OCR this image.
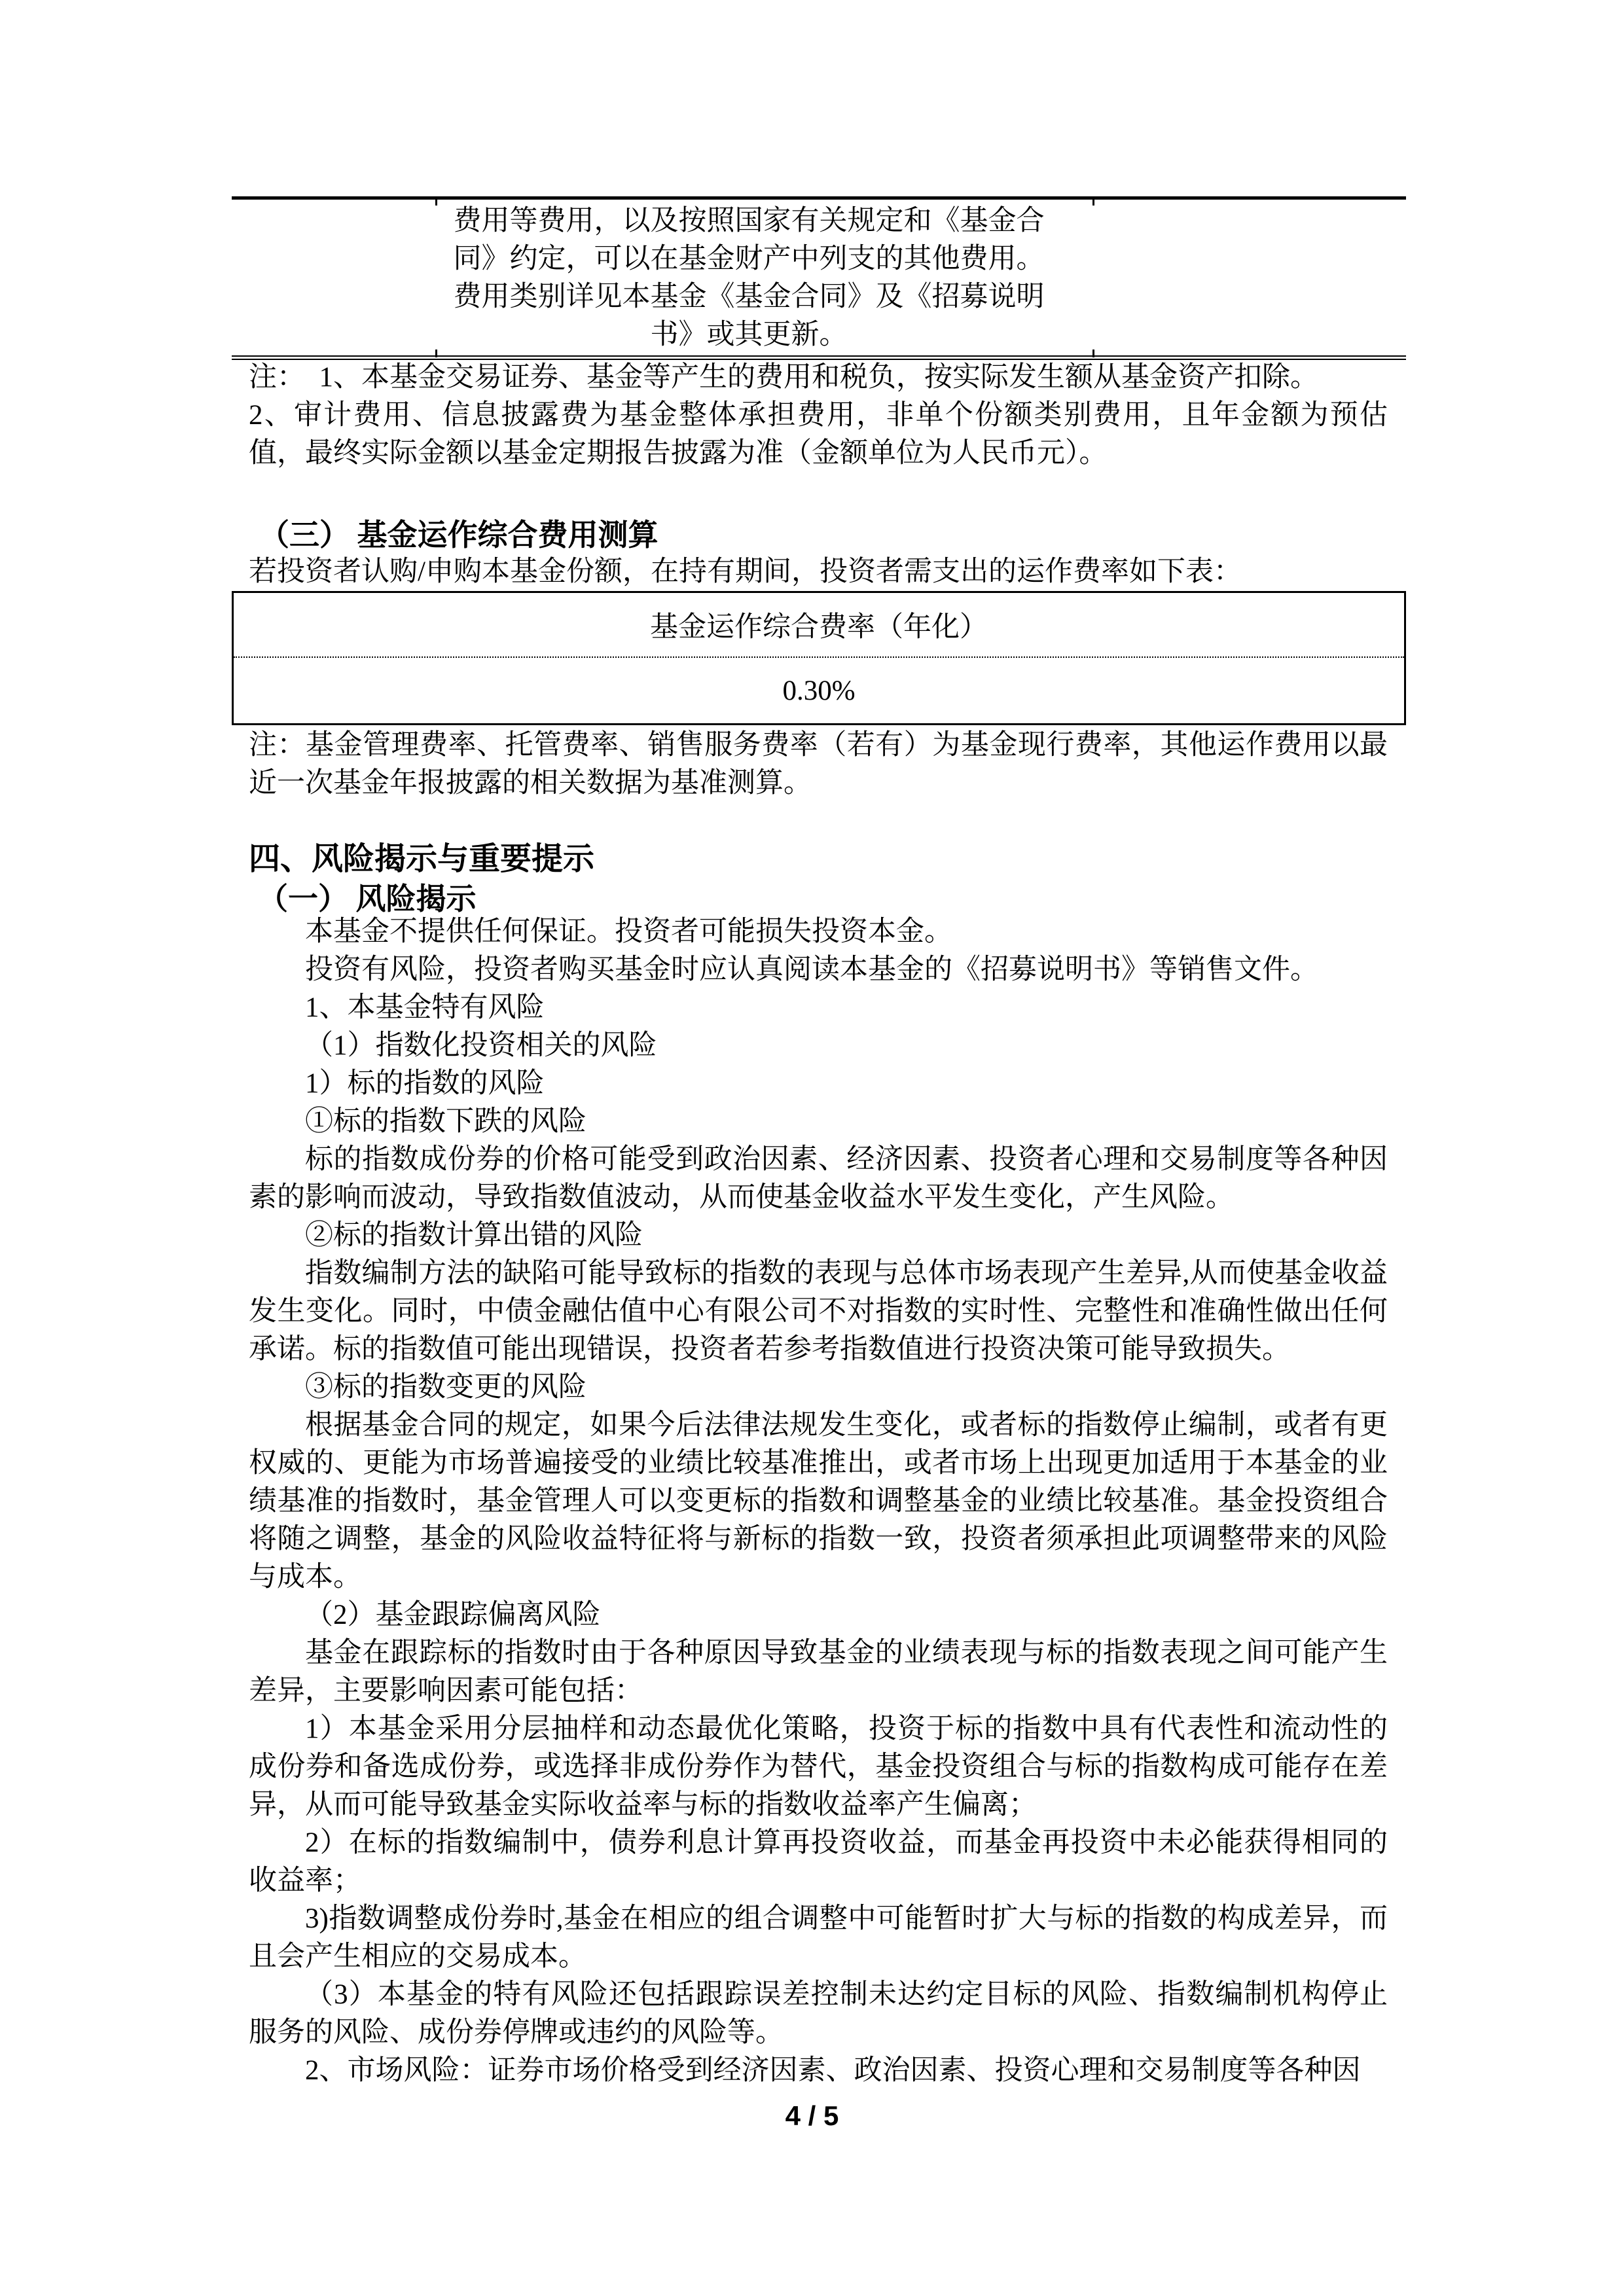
费用等费用，以及按照国家有关规定和《基金合
同》约定，可以在基金财产中列支的其他费用。
费用类别详见本基金《基金合同》及《招募说明
书》或其更新。

注：　1、本基金交易证券、基金等产生的费用和税负，按实际发生额从基金资产扣除。

2、审计费用、信息披露费为基金整体承担费用，非单个份额类别费用，且年金额为预估值，最终实际金额以基金定期报告披露为准（金额单位为人民币元）。

（三） 基金运作综合费用测算

若投资者认购/申购本基金份额，在持有期间，投资者需支出的运作费率如下表：

基金运作综合费率（年化）
0.30%

注：基金管理费率、托管费率、销售服务费率（若有）为基金现行费率，其他运作费用以最近一次基金年报披露的相关数据为基准测算。

四、风险揭示与重要提示
（一） 风险揭示

本基金不提供任何保证。投资者可能损失投资本金。

投资有风险，投资者购买基金时应认真阅读本基金的《招募说明书》等销售文件。

1、本基金特有风险

（1）指数化投资相关的风险

1）标的指数的风险

①标的指数下跌的风险

标的指数成份券的价格可能受到政治因素、经济因素、投资者心理和交易制度等各种因素的影响而波动，导致指数值波动，从而使基金收益水平发生变化，产生风险。

②标的指数计算出错的风险

指数编制方法的缺陷可能导致标的指数的表现与总体市场表现产生差异,从而使基金收益发生变化。同时，中债金融估值中心有限公司不对指数的实时性、完整性和准确性做出任何承诺。标的指数值可能出现错误，投资者若参考指数值进行投资决策可能导致损失。

③标的指数变更的风险

根据基金合同的规定，如果今后法律法规发生变化，或者标的指数停止编制，或者有更权威的、更能为市场普遍接受的业绩比较基准推出，或者市场上出现更加适用于本基金的业绩基准的指数时，基金管理人可以变更标的指数和调整基金的业绩比较基准。基金投资组合将随之调整，基金的风险收益特征将与新标的指数一致，投资者须承担此项调整带来的风险与成本。

（2）基金跟踪偏离风险

基金在跟踪标的指数时由于各种原因导致基金的业绩表现与标的指数表现之间可能产生差异，主要影响因素可能包括：

1）本基金采用分层抽样和动态最优化策略，投资于标的指数中具有代表性和流动性的成份券和备选成份券，或选择非成份券作为替代，基金投资组合与标的指数构成可能存在差异，从而可能导致基金实际收益率与标的指数收益率产生偏离；

2）在标的指数编制中，债券利息计算再投资收益，而基金再投资中未必能获得相同的收益率；

3)指数调整成份券时,基金在相应的组合调整中可能暂时扩大与标的指数的构成差异，而且会产生相应的交易成本。

（3）本基金的特有风险还包括跟踪误差控制未达约定目标的风险、指数编制机构停止服务的风险、成份券停牌或违约的风险等。

2、市场风险：证券市场价格受到经济因素、政治因素、投资心理和交易制度等各种因

4 / 5
